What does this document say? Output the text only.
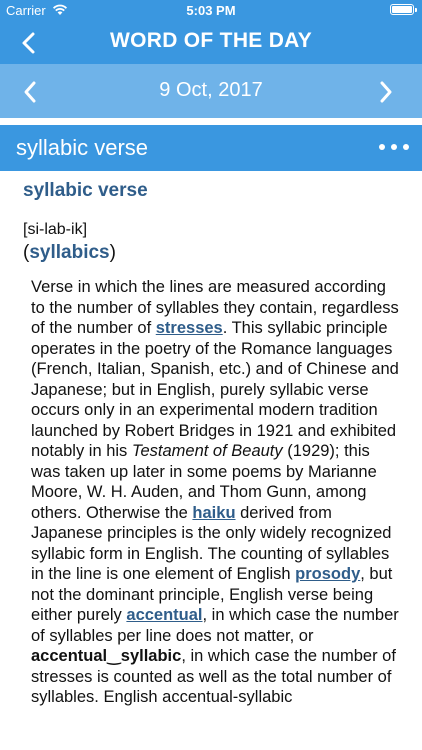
Carrier	5:03 PM
WORD OF THE DAY
9 Oct, 2017
syllabic verse
syllabic verse
[si-lab-ik]
(syllabics)
Verse in which the lines are measured according to the number of syllables they contain, regardless of the number of stresses. This syllabic principle operates in the poetry of the Romance languages (French, Italian, Spanish, etc.) and of Chinese and Japanese; but in English, purely syllabic verse occurs only in an experimental modern tradition launched by Robert Bridges in 1921 and exhibited notably in his Testament of Beauty (1929); this was taken up later in some poems by Marianne Moore, W. H. Auden, and Thom Gunn, among others. Otherwise the haiku derived from Japanese principles is the only widely recognized syllabic form in English. The counting of syllables in the line is one element of English prosody, but not the dominant principle, English verse being either purely accentual, in which case the number of syllables per line does not matter, or accentual‿syllabic, in which case the number of stresses is counted as well as the total number of syllables. English accentual-syllabic
